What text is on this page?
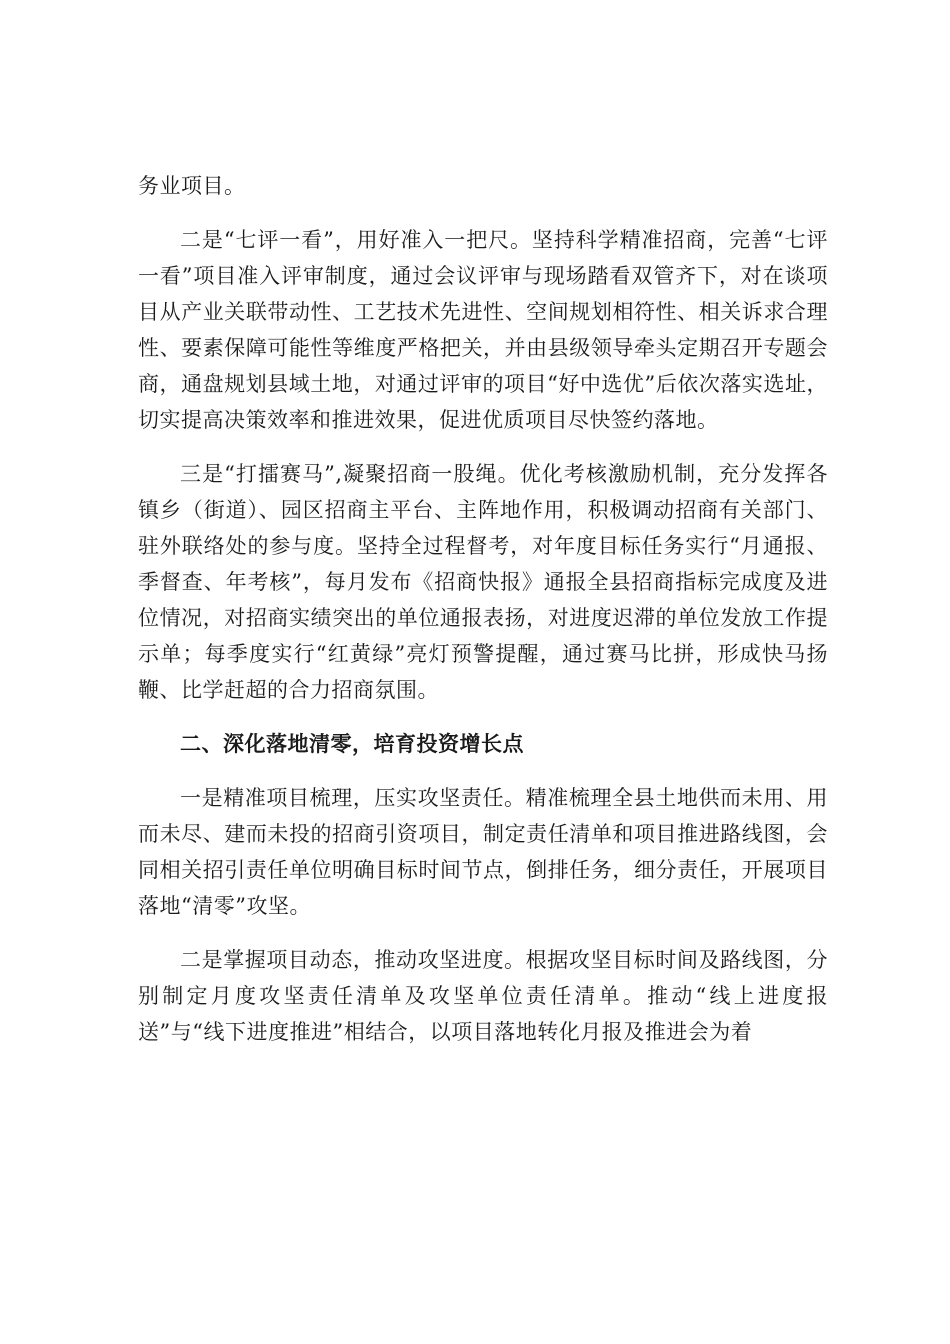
务业项目。

二是“七评一看”，用好准入一把尺。坚持科学精准招商，完善“七评一看”项目准入评审制度，通过会议评审与现场踏看双管齐下，对在谈项目从产业关联带动性、工艺技术先进性、空间规划相符性、相关诉求合理性、要素保障可能性等维度严格把关，并由县级领导牵头定期召开专题会商，通盘规划县域土地，对通过评审的项目“好中选优”后依次落实选址，切实提高决策效率和推进效果，促进优质项目尽快签约落地。

三是“打擂赛马”,凝聚招商一股绳。优化考核激励机制，充分发挥各镇乡（街道）、园区招商主平台、主阵地作用，积极调动招商有关部门、驻外联络处的参与度。坚持全过程督考，对年度目标任务实行“月通报、季督查、年考核”，每月发布《招商快报》通报全县招商指标完成度及进位情况，对招商实绩突出的单位通报表扬，对进度迟滞的单位发放工作提示单；每季度实行“红黄绿”亮灯预警提醒，通过赛马比拼，形成快马扬鞭、比学赶超的合力招商氛围。

二、深化落地清零，培育投资增长点

一是精准项目梳理，压实攻坚责任。精准梳理全县土地供而未用、用而未尽、建而未投的招商引资项目，制定责任清单和项目推进路线图，会同相关招引责任单位明确目标时间节点，倒排任务，细分责任，开展项目落地“清零”攻坚。

二是掌握项目动态，推动攻坚进度。根据攻坚目标时间及路线图，分别制定月度攻坚责任清单及攻坚单位责任清单。推动“线上进度报送”与“线下进度推进”相结合，以项目落地转化月报及推进会为着
